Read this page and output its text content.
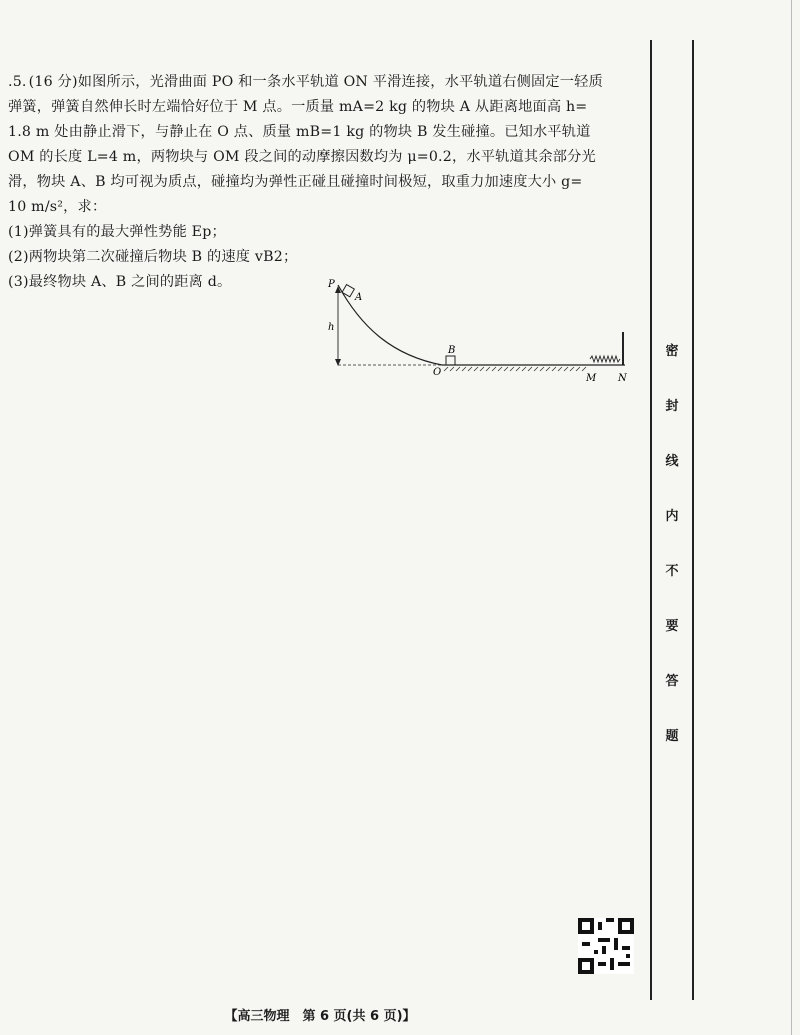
.5. (16 分)如图所示，光滑曲面 PO 和一条水平轨道 ON 平滑连接，水平轨道右侧固定一轻质

弹簧，弹簧自然伸长时左端恰好位于 M 点。一质量 mA=2 kg 的物块 A 从距离地面高 h=

1.8 m 处由静止滑下，与静止在 O 点、质量 mB=1 kg 的物块 B 发生碰撞。已知水平轨道

OM 的长度 L=4 m，两物块与 OM 段之间的动摩擦因数均为 μ=0.2，水平轨道其余部分光

滑，物块 A、B 均可视为质点，碰撞均为弹性正碰且碰撞时间极短，取重力加速度大小 g=

10 m/s²，求：

(1)弹簧具有的最大弹性势能 Ep；
(2)两物块第二次碰撞后物块 B 的速度 vB2；
(3)最终物块 A、B 之间的距离 d。	P
A
h
B
O
M N
密
封
线
内
不
要
答
题
【高三物理　第 6 页(共 6 页)】
